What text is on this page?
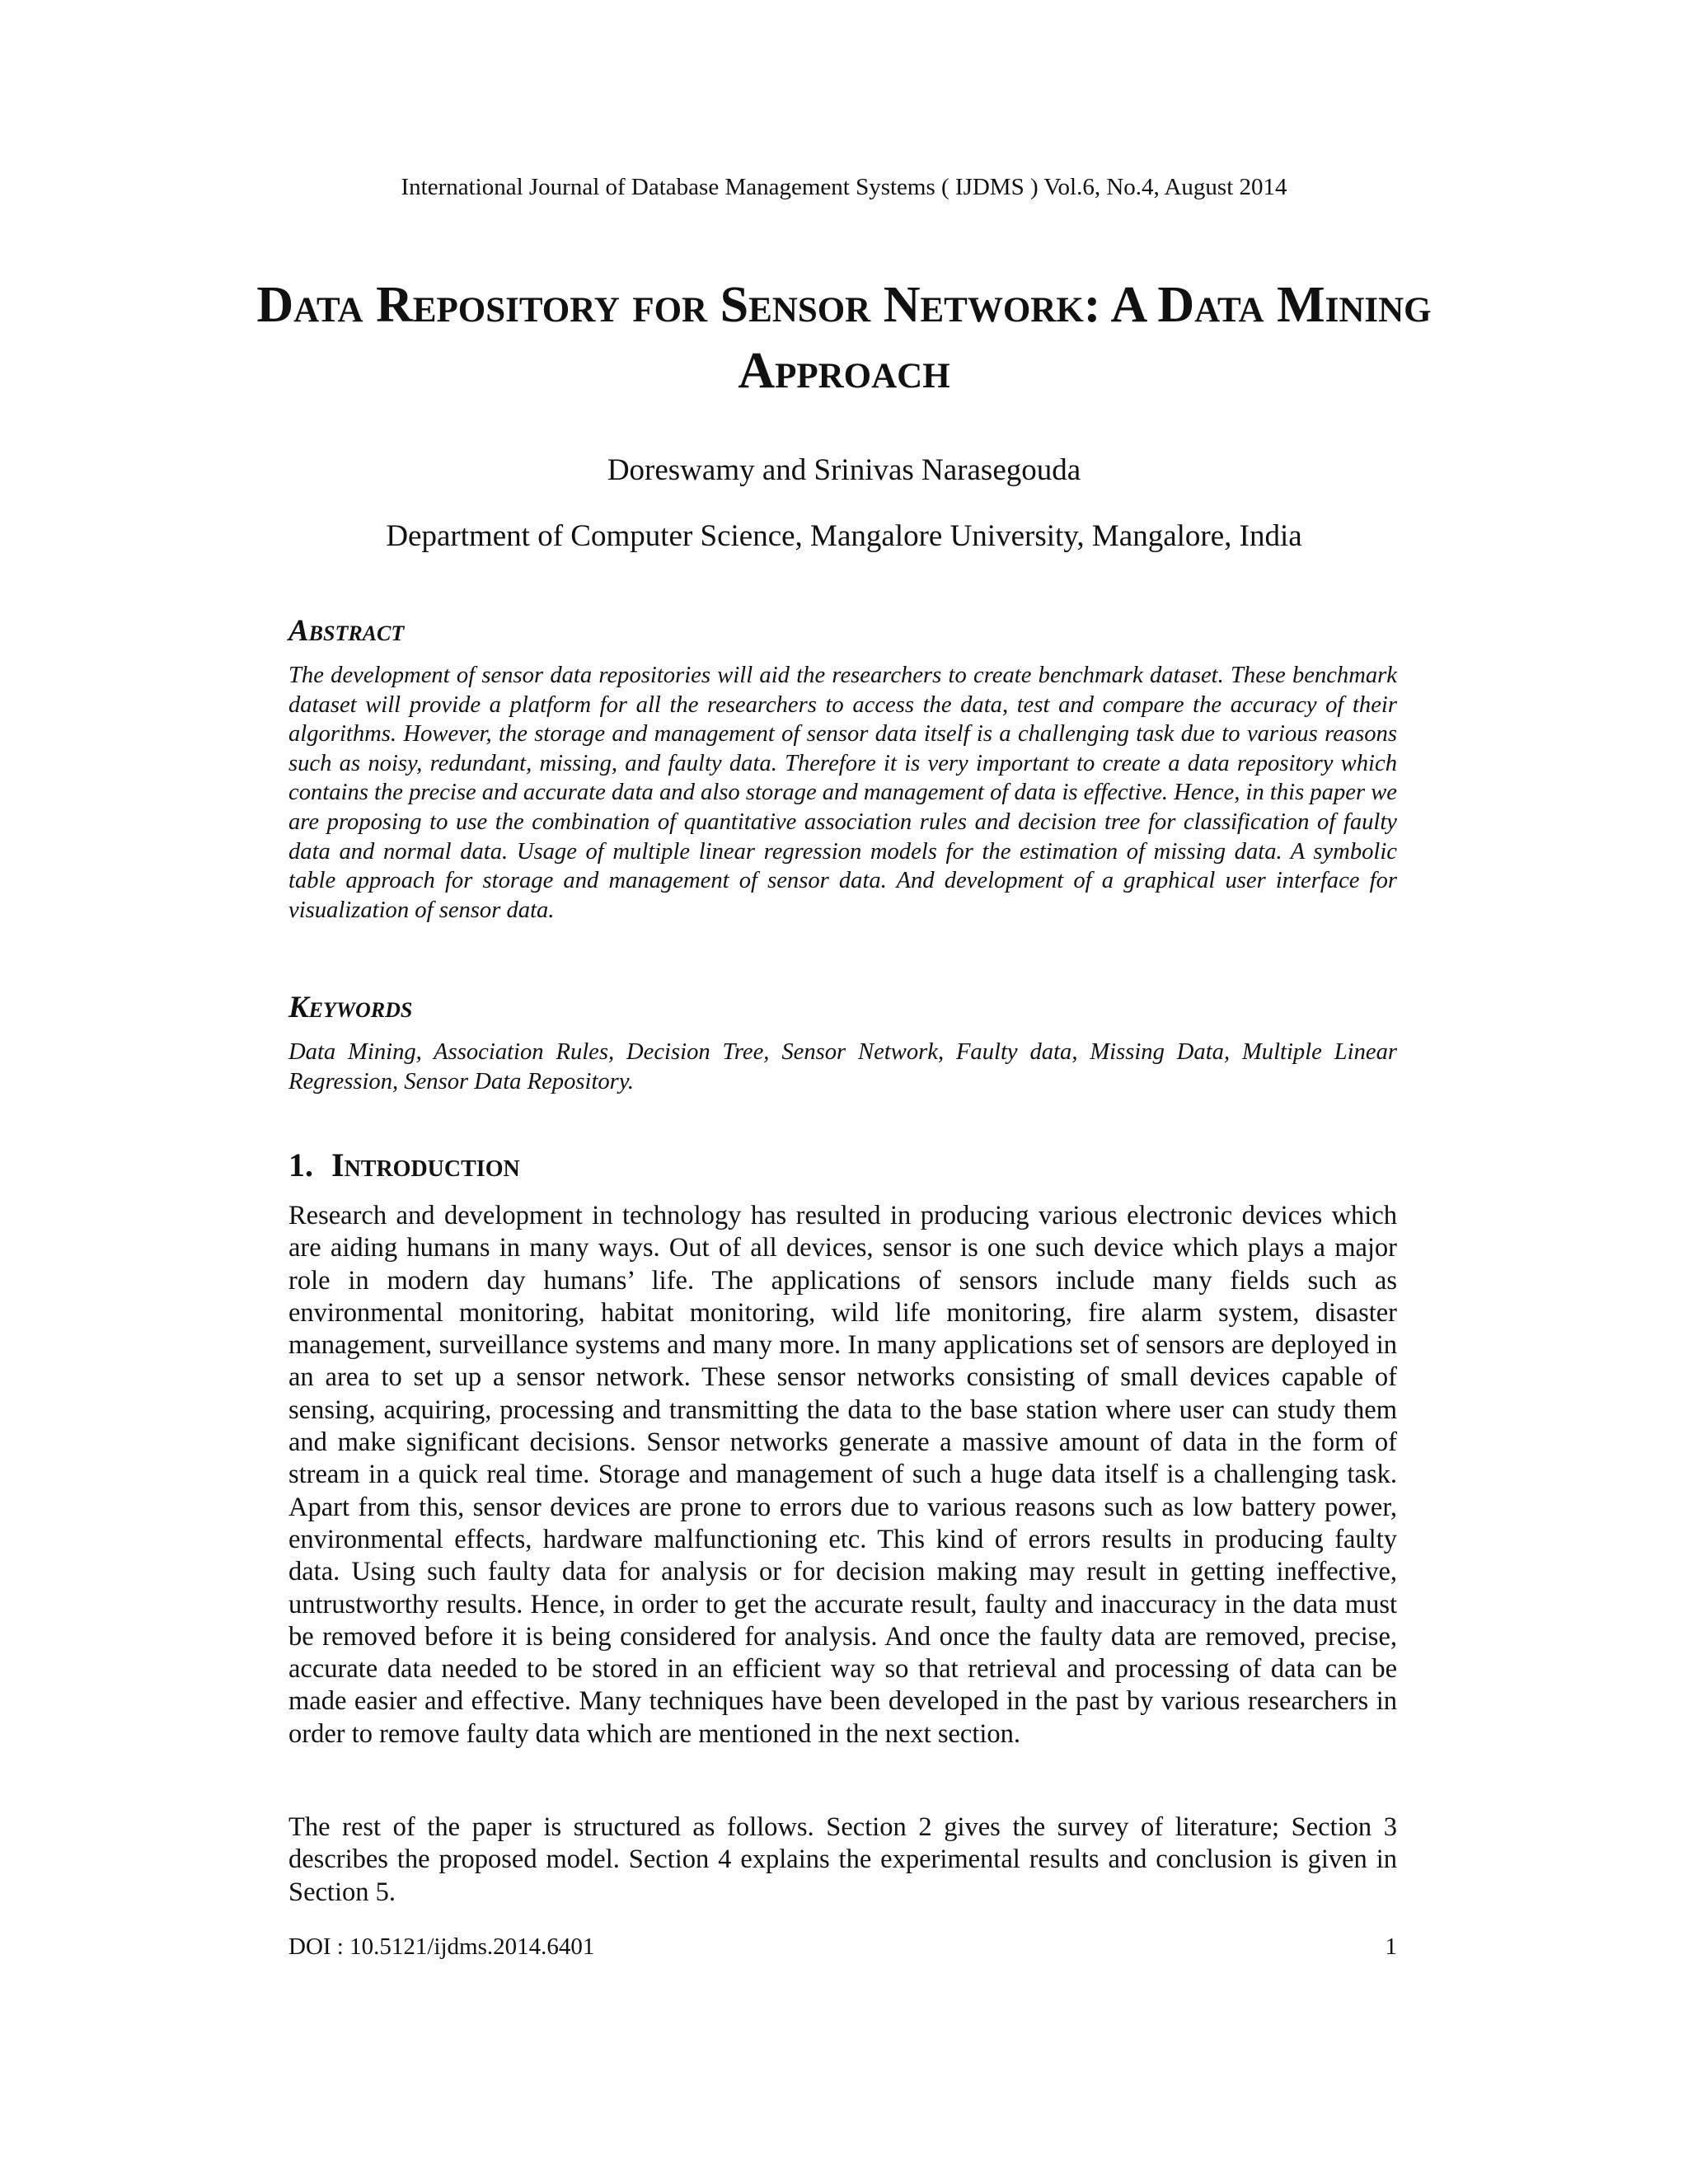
International Journal of Database Management Systems ( IJDMS ) Vol.6, No.4, August 2014
Data Repository for Sensor Network: A Data Mining Approach
Doreswamy and Srinivas Narasegouda
Department of Computer Science, Mangalore University, Mangalore, India
Abstract

The development of sensor data repositories will aid the researchers to create benchmark dataset. These benchmark dataset will provide a platform for all the researchers to access the data, test and compare the accuracy of their algorithms. However, the storage and management of sensor data itself is a challenging task due to various reasons such as noisy, redundant, missing, and faulty data. Therefore it is very important to create a data repository which contains the precise and accurate data and also storage and management of data is effective. Hence, in this paper we are proposing to use the combination of quantitative association rules and decision tree for classification of faulty data and normal data. Usage of multiple linear regression models for the estimation of missing data. A symbolic table approach for storage and management of sensor data. And development of a graphical user interface for visualization of sensor data.

Keywords

Data Mining, Association Rules, Decision Tree, Sensor Network, Faulty data, Missing Data, Multiple Linear Regression, Sensor Data Repository.

1. Introduction

Research and development in technology has resulted in producing various electronic devices which are aiding humans in many ways. Out of all devices, sensor is one such device which plays a major role in modern day humans’ life. The applications of sensors include many fields such as environmental monitoring, habitat monitoring, wild life monitoring, fire alarm system, disaster management, surveillance systems and many more. In many applications set of sensors are deployed in an area to set up a sensor network. These sensor networks consisting of small devices capable of sensing, acquiring, processing and transmitting the data to the base station where user can study them and make significant decisions. Sensor networks generate a massive amount of data in the form of stream in a quick real time. Storage and management of such a huge data itself is a challenging task. Apart from this, sensor devices are prone to errors due to various reasons such as low battery power, environmental effects, hardware malfunctioning etc. This kind of errors results in producing faulty data. Using such faulty data for analysis or for decision making may result in getting ineffective, untrustworthy results. Hence, in order to get the accurate result, faulty and inaccuracy in the data must be removed before it is being considered for analysis. And once the faulty data are removed, precise, accurate data needed to be stored in an efficient way so that retrieval and processing of data can be made easier and effective. Many techniques have been developed in the past by various researchers in order to remove faulty data which are mentioned in the next section.

The rest of the paper is structured as follows. Section 2 gives the survey of literature; Section 3 describes the proposed model. Section 4 explains the experimental results and conclusion is given in Section 5.

DOI : 10.5121/ijdms.2014.6401	1
